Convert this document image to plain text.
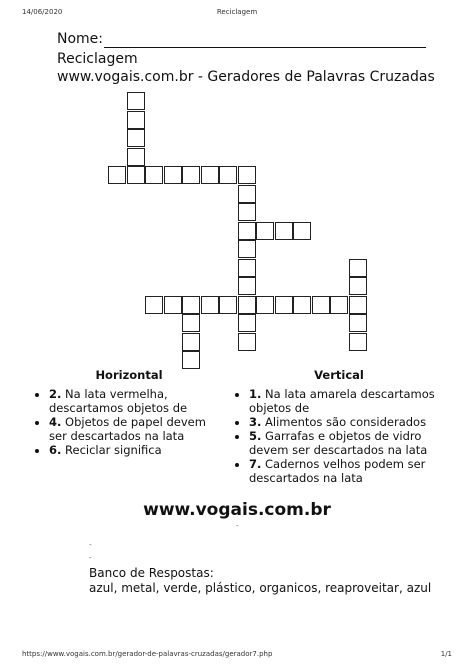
14/06/2020	Reciclagem
Nome:
Reciclagem
www.vogais.com.br - Geradores de Palavras Cruzadas
Horizontal
• 2. Na lata vermelha, descartamos objetos de
• 4. Objetos de papel devem ser descartados na lata
• 6. Reciclar significa
Vertical
• 1. Na lata amarela descartamos objetos de
• 3. Alimentos são considerados
• 5. Garrafas e objetos de vidro devem ser descartados na lata
• 7. Cadernos velhos podem ser descartados na lata
www.vogais.com.br
-
-
-
Banco de Respostas:
azul, metal, verde, plástico, organicos, reaproveitar, azul
https://www.vogais.com.br/gerador-de-palavras-cruzadas/gerador7.php	1/1
